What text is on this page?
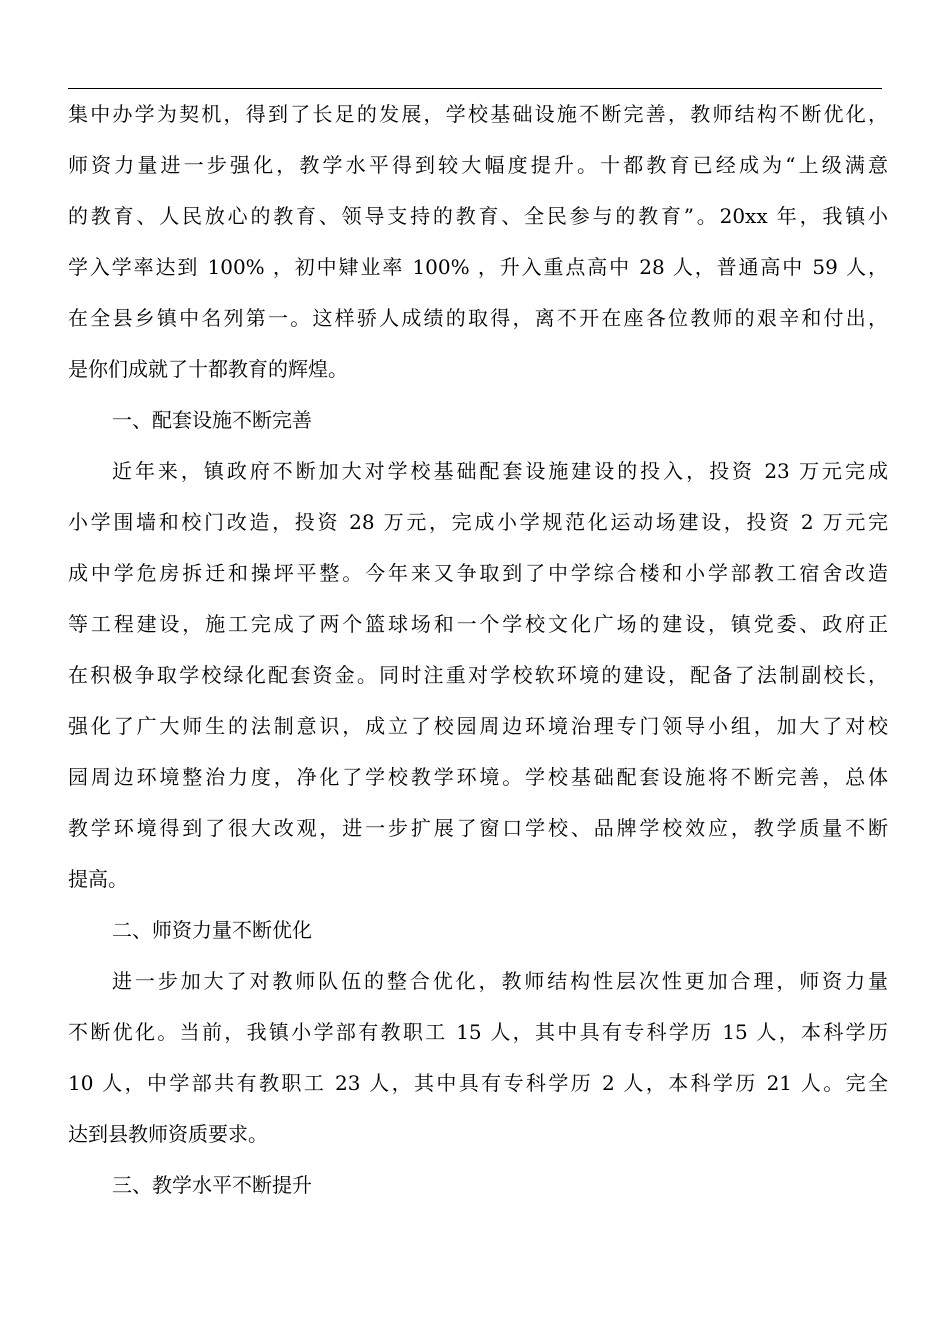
集中办学为契机，得到了长足的发展，学校基础设施不断完善，教师结构不断优化，
师资力量进一步强化，教学水平得到较大幅度提升。十都教育已经成为“上级满意
的教育、人民放心的教育、领导支持的教育、全民参与的教育”。20xx 年，我镇小
学入学率达到 100% ，初中肄业率 100% ，升入重点高中 28 人，普通高中 59 人，
在全县乡镇中名列第一。这样骄人成绩的取得，离不开在座各位教师的艰辛和付出，
是你们成就了十都教育的辉煌。
一、配套设施不断完善
近年来，镇政府不断加大对学校基础配套设施建设的投入，投资 23 万元完成
小学围墙和校门改造，投资 28 万元，完成小学规范化运动场建设，投资 2 万元完
成中学危房拆迁和操坪平整。今年来又争取到了中学综合楼和小学部教工宿舍改造
等工程建设，施工完成了两个篮球场和一个学校文化广场的建设，镇党委、政府正
在积极争取学校绿化配套资金。同时注重对学校软环境的建设，配备了法制副校长，
强化了广大师生的法制意识，成立了校园周边环境治理专门领导小组，加大了对校
园周边环境整治力度，净化了学校教学环境。学校基础配套设施将不断完善，总体
教学环境得到了很大改观，进一步扩展了窗口学校、品牌学校效应，教学质量不断
提高。
二、师资力量不断优化
进一步加大了对教师队伍的整合优化，教师结构性层次性更加合理，师资力量
不断优化。当前，我镇小学部有教职工 15 人，其中具有专科学历 15 人，本科学历
10 人，中学部共有教职工 23 人，其中具有专科学历 2 人，本科学历 21 人。完全
达到县教师资质要求。
三、教学水平不断提升
